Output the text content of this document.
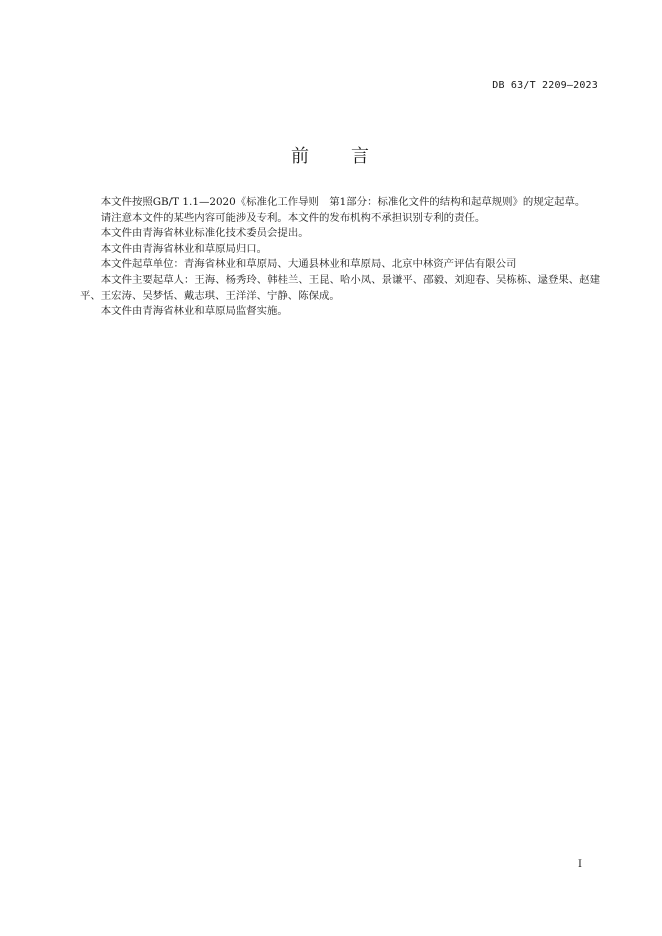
DB 63/T 2209—2023
前　　言

本文件按照GB/T 1.1—2020《标准化工作导则　第1部分：标准化文件的结构和起草规则》的规定起草。

请注意本文件的某些内容可能涉及专利。本文件的发布机构不承担识别专利的责任。

本文件由青海省林业标准化技术委员会提出。

本文件由青海省林业和草原局归口。

本文件起草单位：青海省林业和草原局、大通县林业和草原局、北京中林资产评估有限公司

本文件主要起草人：王海、杨秀玲、韩桂兰、王昆、哈小凤、景谦平、邵毅、刘迎春、吴栋栋、逯登果、赵建平、王宏涛、吴梦恬、戴志琪、王洋洋、宁静、陈保成。

本文件由青海省林业和草原局监督实施。

I
